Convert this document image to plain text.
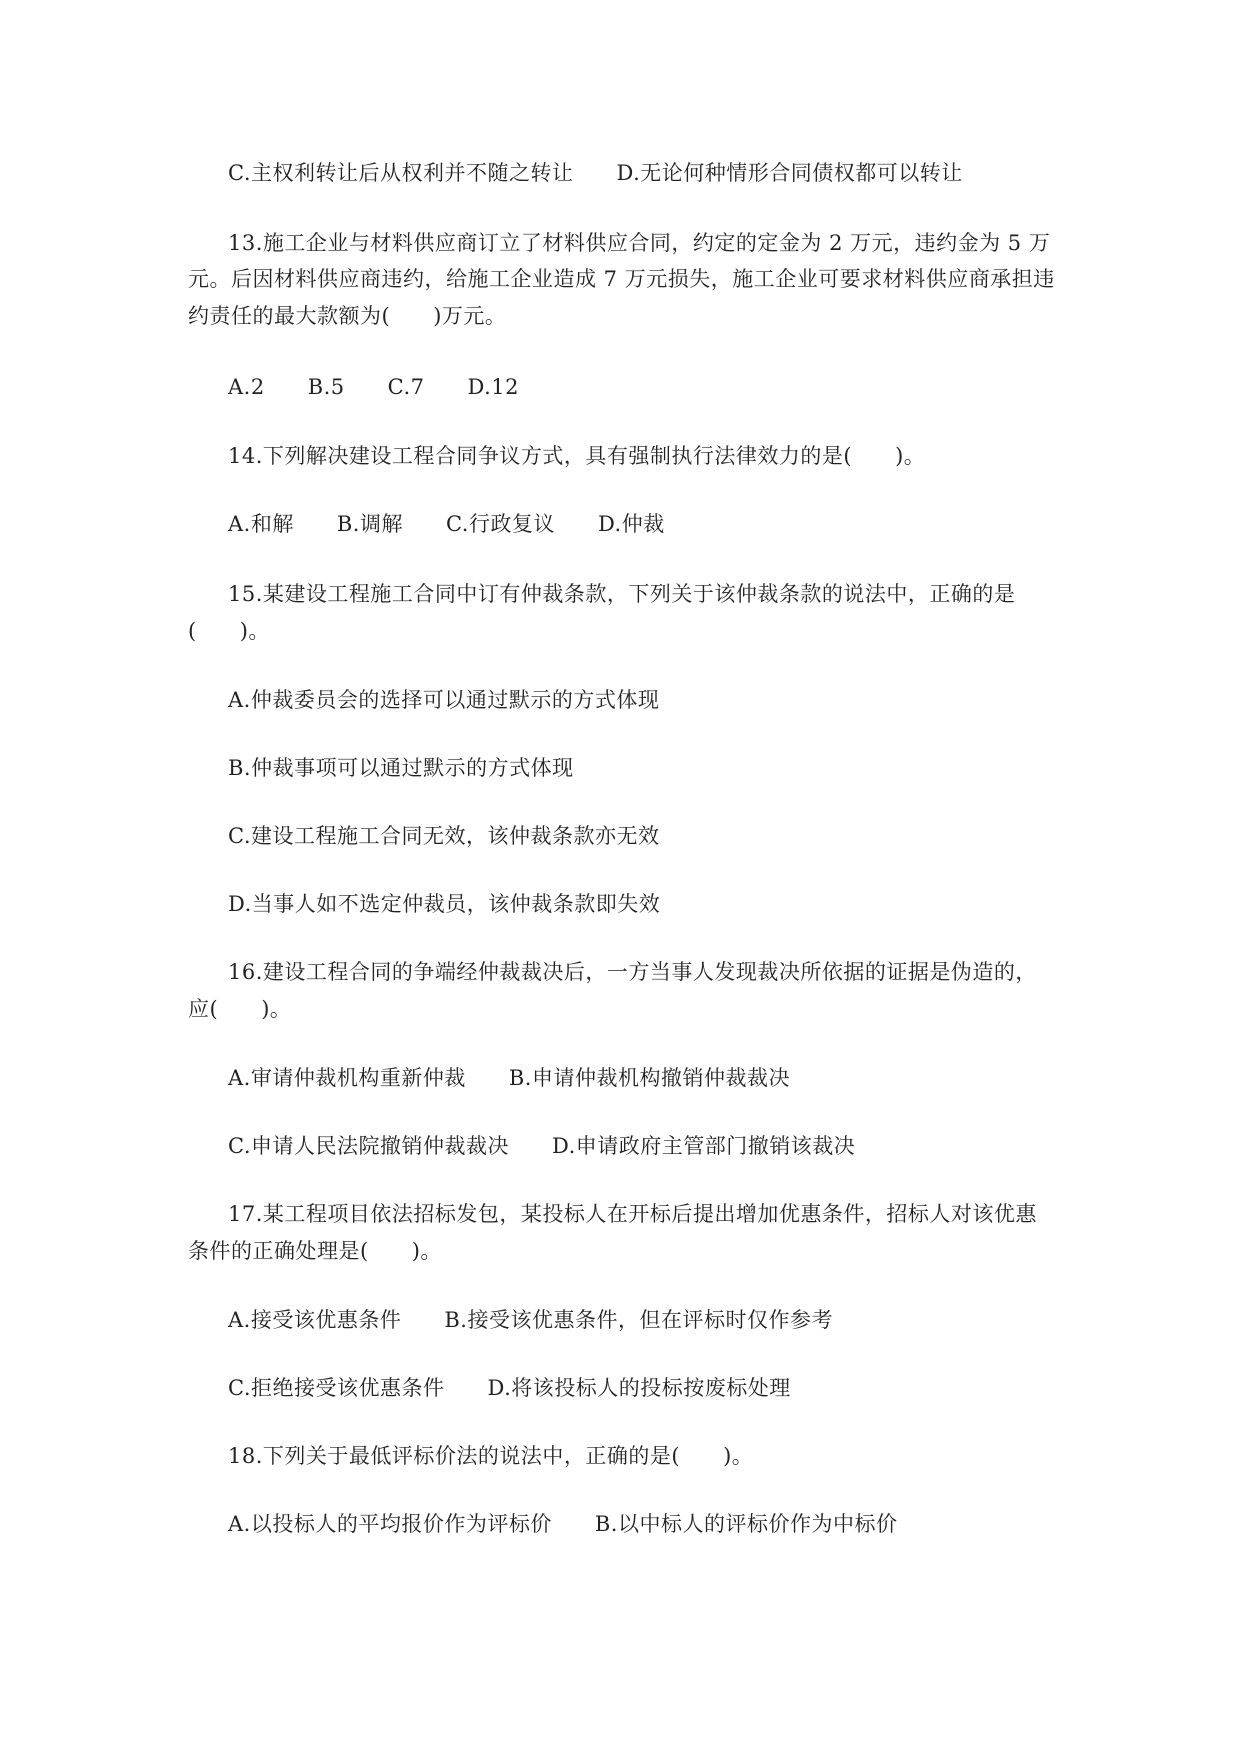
C.主权利转让后从权利并不随之转让　　D.无论何种情形合同债权都可以转让

13.施工企业与材料供应商订立了材料供应合同，约定的定金为 2 万元，违约金为 5 万

元。后因材料供应商违约，给施工企业造成 7 万元损失，施工企业可要求材料供应商承担违

约责任的最大款额为(　　)万元。

A.2　　B.5　　C.7　　D.12

14.下列解决建设工程合同争议方式，具有强制执行法律效力的是(　　)。

A.和解　　B.调解　　C.行政复议　　D.仲裁

15.某建设工程施工合同中订有仲裁条款，下列关于该仲裁条款的说法中，正确的是

(　　)。

A.仲裁委员会的选择可以通过默示的方式体现

B.仲裁事项可以通过默示的方式体现

C.建设工程施工合同无效，该仲裁条款亦无效

D.当事人如不选定仲裁员，该仲裁条款即失效

16.建设工程合同的争端经仲裁裁决后，一方当事人发现裁决所依据的证据是伪造的，

应(　　)。

A.审请仲裁机构重新仲裁　　B.申请仲裁机构撤销仲裁裁决

C.申请人民法院撤销仲裁裁决　　D.申请政府主管部门撤销该裁决

17.某工程项目依法招标发包，某投标人在开标后提出增加优惠条件，招标人对该优惠

条件的正确处理是(　　)。

A.接受该优惠条件　　B.接受该优惠条件，但在评标时仅作参考

C.拒绝接受该优惠条件　　D.将该投标人的投标按废标处理

18.下列关于最低评标价法的说法中，正确的是(　　)。

A.以投标人的平均报价作为评标价　　B.以中标人的评标价作为中标价
